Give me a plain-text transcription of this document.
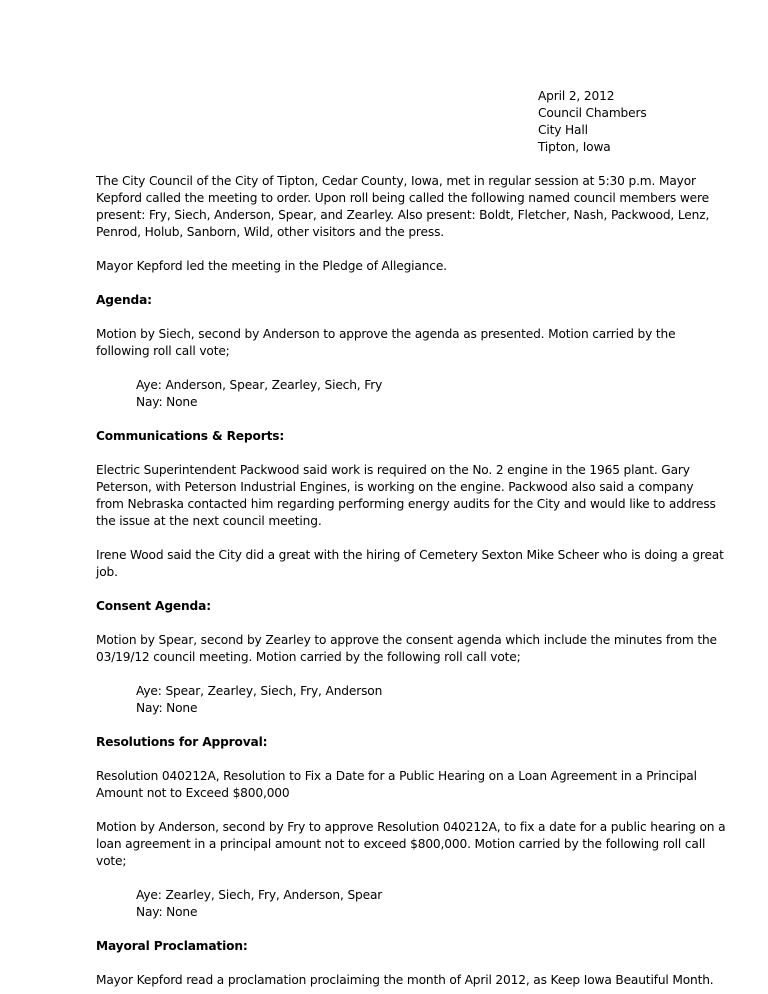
April 2, 2012
Council Chambers
City Hall
Tipton, Iowa
The City Council of the City of Tipton, Cedar County, Iowa, met in regular session at 5:30 p.m. Mayor
Kepford called the meeting to order. Upon roll being called the following named council members were
present: Fry, Siech, Anderson, Spear, and Zearley. Also present: Boldt, Fletcher, Nash, Packwood, Lenz,
Penrod, Holub, Sanborn, Wild, other visitors and the press.
Mayor Kepford led the meeting in the Pledge of Allegiance.
Agenda:
Motion by Siech, second by Anderson to approve the agenda as presented. Motion carried by the
following roll call vote;
Aye: Anderson, Spear, Zearley, Siech, Fry
Nay: None
Communications & Reports:
Electric Superintendent Packwood said work is required on the No. 2 engine in the 1965 plant. Gary
Peterson, with Peterson Industrial Engines, is working on the engine. Packwood also said a company
from Nebraska contacted him regarding performing energy audits for the City and would like to address
the issue at the next council meeting.
Irene Wood said the City did a great with the hiring of Cemetery Sexton Mike Scheer who is doing a great
job.
Consent Agenda:
Motion by Spear, second by Zearley to approve the consent agenda which include the minutes from the
03/19/12 council meeting. Motion carried by the following roll call vote;
Aye: Spear, Zearley, Siech, Fry, Anderson
Nay: None
Resolutions for Approval:
Resolution 040212A, Resolution to Fix a Date for a Public Hearing on a Loan Agreement in a Principal
Amount not to Exceed $800,000
Motion by Anderson, second by Fry to approve Resolution 040212A, to fix a date for a public hearing on a
loan agreement in a principal amount not to exceed $800,000. Motion carried by the following roll call
vote;
Aye: Zearley, Siech, Fry, Anderson, Spear
Nay: None
Mayoral Proclamation:
Mayor Kepford read a proclamation proclaiming the month of April 2012, as Keep Iowa Beautiful Month.
